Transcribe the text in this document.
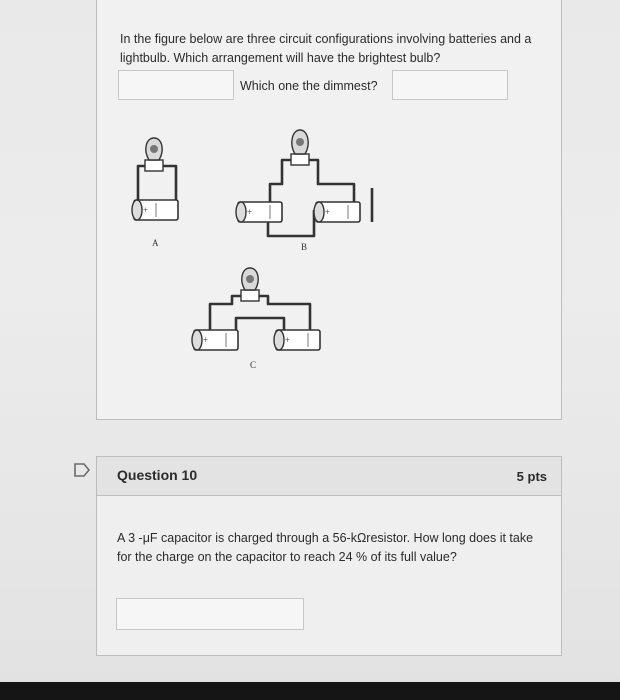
In the figure below are three circuit configurations involving batteries and a lightbulb. Which arrangement will have the brightest bulb?
Which one the dimmest?
+	+	+
+	+
A	B
C
Question 10	5 pts
A 3 -μF capacitor is charged through a 56-kΩresistor. How long does it take for the charge on the capacitor to reach 24 % of its full value?
